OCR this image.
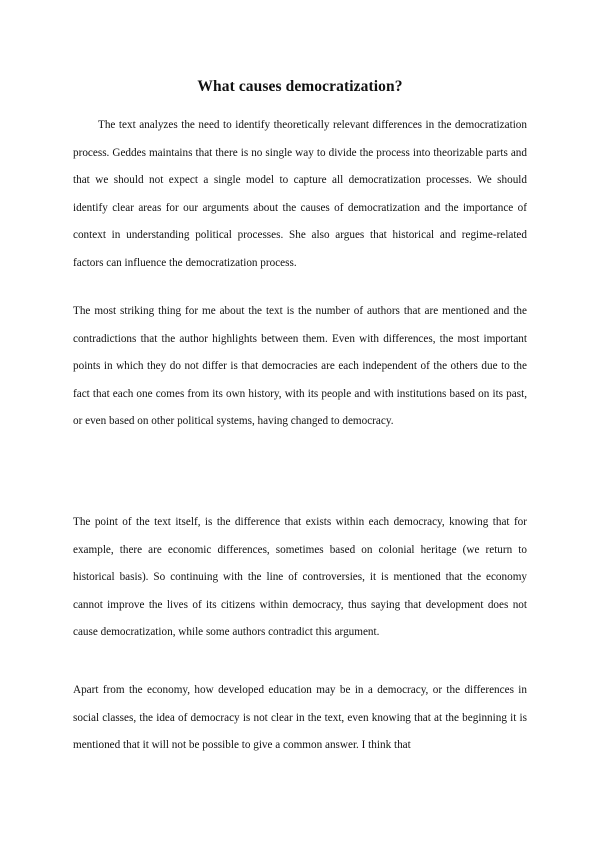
What causes democratization?

The text analyzes the need to identify theoretically relevant differences in the democratization process. Geddes maintains that there is no single way to divide the process into theorizable parts and that we should not expect a single model to capture all democratization processes. We should identify clear areas for our arguments about the causes of democratization and the importance of context in understanding political processes. She also argues that historical and regime-related factors can influence the democratization process.

The most striking thing for me about the text is the number of authors that are mentioned and the contradictions that the author highlights between them. Even with differences, the most important points in which they do not differ is that democracies are each independent of the others due to the fact that each one comes from its own history, with its people and with institutions based on its past, or even based on other political systems, having changed to democracy.

The point of the text itself, is the difference that exists within each democracy, knowing that for example, there are economic differences, sometimes based on colonial heritage (we return to historical basis). So continuing with the line of controversies, it is mentioned that the economy cannot improve the lives of its citizens within democracy, thus saying that development does not cause democratization, while some authors contradict this argument.

Apart from the economy, how developed education may be in a democracy, or the differences in social classes, the idea of democracy is not clear in the text, even knowing that at the beginning it is mentioned that it will not be possible to give a common answer. I think that
